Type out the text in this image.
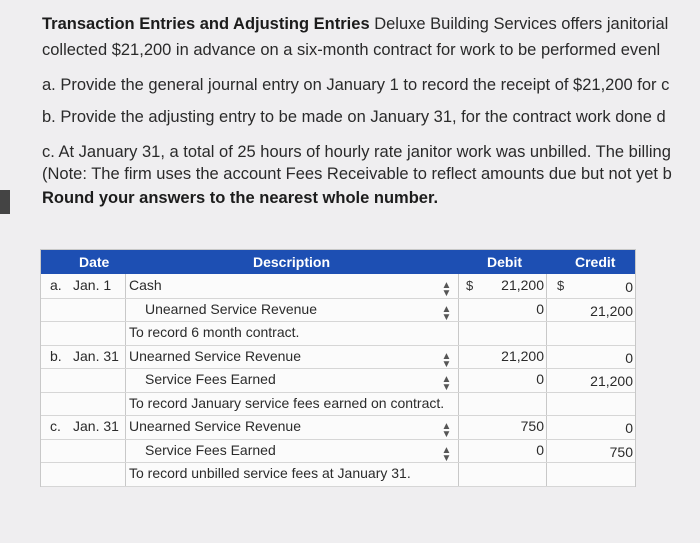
Transaction Entries and Adjusting Entries Deluxe Building Services offers janitorial
collected $21,200 in advance on a six-month contract for work to be performed evenl
a. Provide the general journal entry on January 1 to record the receipt of $21,200 for c
b. Provide the adjusting entry to be made on January 31, for the contract work done d
c. At January 31, a total of 25 hours of hourly rate janitor work was unbilled. The billing
(Note: The firm uses the account Fees Receivable to reflect amounts due but not yet b
Round your answers to the nearest whole number.
Date	Description	Debit	Credit
a. Jan. 1 Cash	▲▼	21,200	0
$	$
Unearned Service Revenue	▲▼	0	21,200
To record 6 month contract.
b. Jan. 31 Unearned Service Revenue	▲▼	21,200	0
Service Fees Earned	▲▼	0	21,200
To record January service fees earned on contract.
c. Jan. 31 Unearned Service Revenue	▲▼	750	0
Service Fees Earned	▲▼	0	750
To record unbilled service fees at January 31.
